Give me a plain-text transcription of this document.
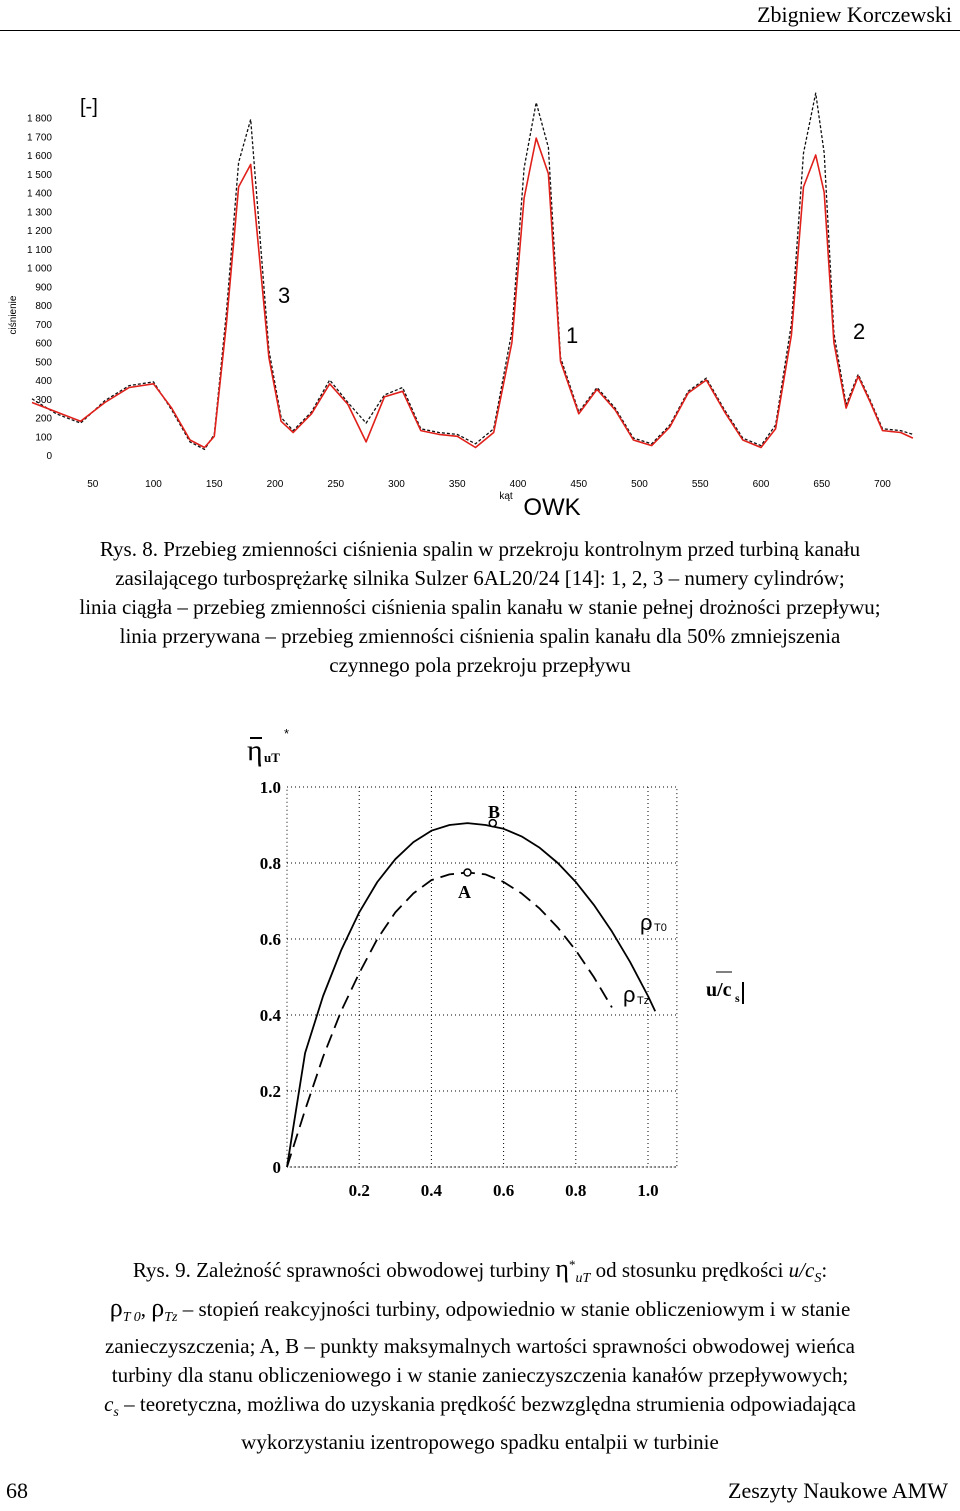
Zbigniew Korczewski
0
100
200
300
400
500
600
700
800
900
1 000
1 100
1 200
1 300
1 400
1 500
1 600
1 700
1 800
50	100	150	200	250	300	350	400	450	500	550	600	650	700
[-]
ciśnienie
kąt OWK
3
1	2
Rys. 8. Przebieg zmienności ciśnienia spalin w przekroju kontrolnym przed turbiną kanału
zasilającego turbosprężarkę silnika Sulzer 6AL20/24 [14]: 1, 2, 3 – numery cylindrów;
linia ciągła – przebieg zmienności ciśnienia spalin kanału w stanie pełnej drożności przepływu;
linia przerywana – przebieg zmienności ciśnienia spalin kanału dla 50% zmniejszenia
czynnego pola przekroju przepływu
0
0.2
0.4
0.6
0.8
1.0
0.2	0.4	0.6	0.8	1.0
η uT
*
u/c s
ρ T0
ρ Tz
B
A
Rys. 9. Zależność sprawności obwodowej turbiny $\eta^*_{uT}$ od stosunku prędkości $u/c_S$:
$\rho_{T 0}$, $\rho_{Tz}$ – stopień reakcyjności turbiny, odpowiednio w stanie obliczeniowym i w stanie
zanieczyszczenia; A, B – punkty maksymalnych wartości sprawności obwodowej wieńca
turbiny dla stanu obliczeniowego i w stanie zanieczyszczenia kanałów przepływowych;
$c_s$ – teoretyczna, możliwa do uzyskania prędkość bezwzględna strumienia odpowiadająca
wykorzystaniu izentropowego spadku entalpii w turbinie
68	Zeszyty Naukowe AMW
